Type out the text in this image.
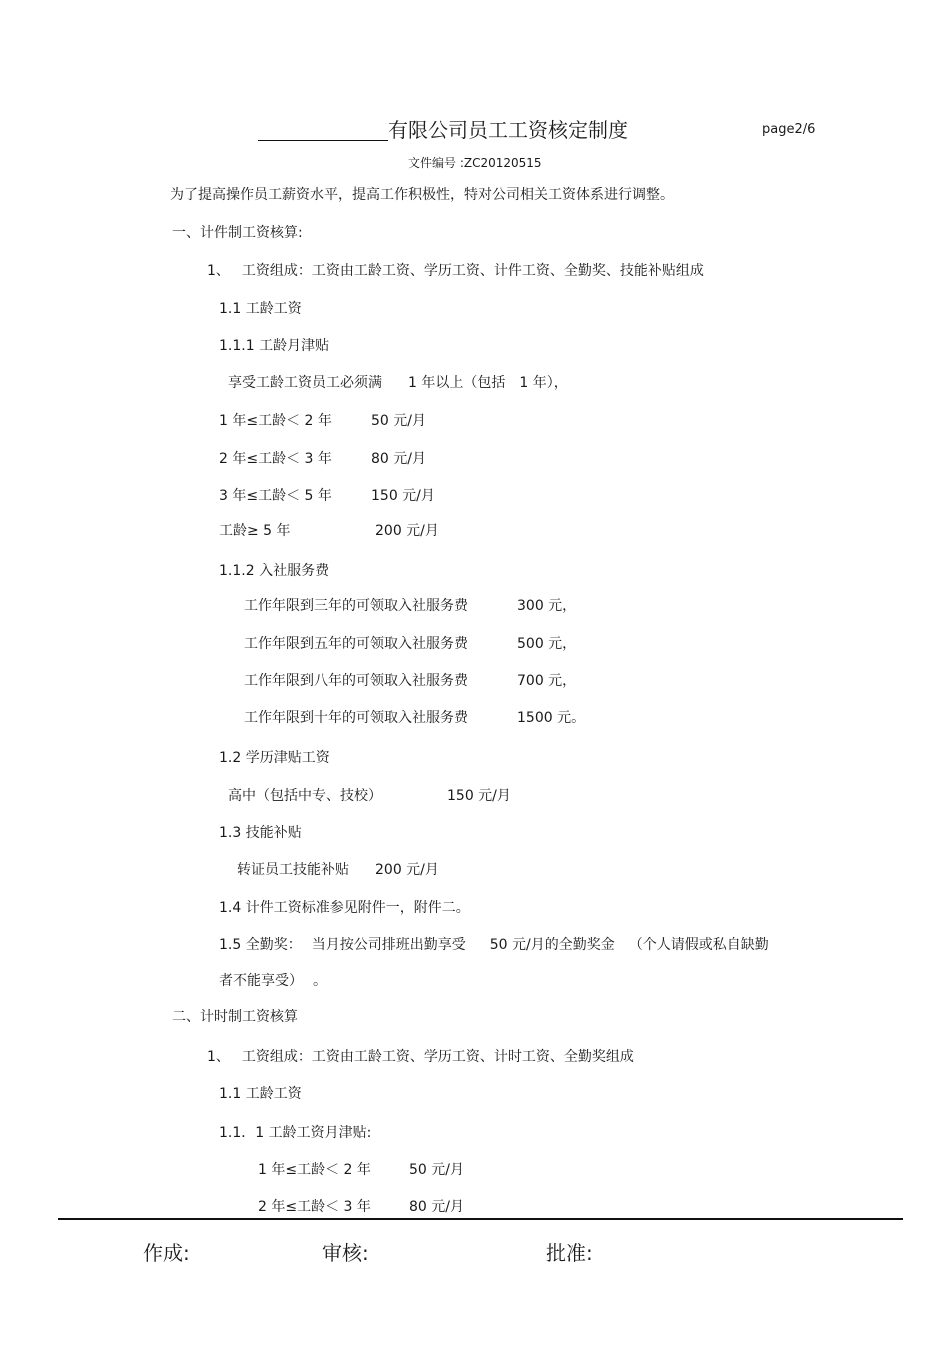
有限公司员工工资核定制度	page2/6
文件编号 :ZC20120515
为了提高操作员工薪资水平，提高工作积极性，特对公司相关工资体系进行调整。
一、计件制工资核算:
1、 工资组成：工资由工龄工资、学历工资、计件工资、全勤奖、技能补贴组成
1.1 工龄工资
1.1.1 工龄月津贴
享受工龄工资员工必须满 1 年以上（包括 1 年），
1 年≤工龄＜ 2 年	50 元/月
2 年≤工龄＜ 3 年	80 元/月
3 年≤工龄＜ 5 年	150 元/月
工龄≥ 5 年	200 元/月
1.1.2 入社服务费
工作年限到三年的可领取入社服务费	300 元，
工作年限到五年的可领取入社服务费	500 元，
工作年限到八年的可领取入社服务费	700 元，
工作年限到十年的可领取入社服务费	1500 元。
1.2 学历津贴工资
高中（包括中专、技校）	150 元/月
1.3 技能补贴
转证员工技能补贴 200 元/月
1.4 计件工资标准参见附件一，附件二。
1.5 全勤奖： 当月按公司排班出勤享受 50 元/月的全勤奖金 （个人请假或私自缺勤
者不能享受） 。
二、计时制工资核算
1、 工资组成：工资由工龄工资、学历工资、计时工资、全勤奖组成
1.1 工龄工资
1.1．1 工龄工资月津贴:
1 年≤工龄＜ 2 年	50 元/月
2 年≤工龄＜ 3 年	80 元/月
作成:	审核:	批准:
